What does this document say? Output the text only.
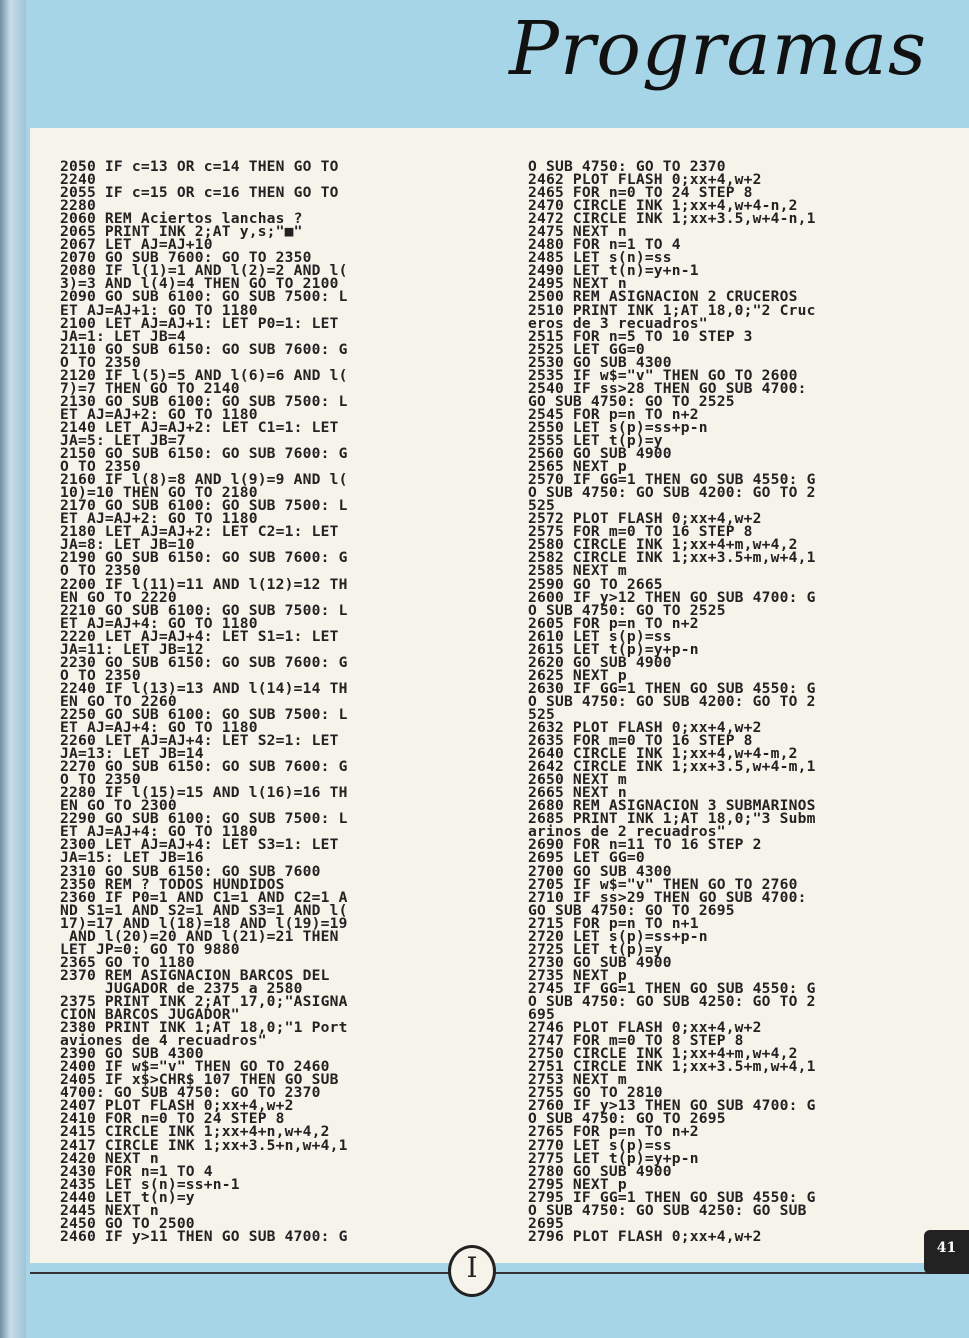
Programas
2050 IF c=13 OR c=14 THEN GO TO
2240
2055 IF c=15 OR c=16 THEN GO TO
2280
2060 REM Aciertos lanchas ?
2065 PRINT INK 2;AT y,s;"■"
2067 LET AJ=AJ+10
2070 GO SUB 7600: GO TO 2350
2080 IF l(1)=1 AND l(2)=2 AND l(
3)=3 AND l(4)=4 THEN GO TO 2100
2090 GO SUB 6100: GO SUB 7500: L
ET AJ=AJ+1: GO TO 1180
2100 LET AJ=AJ+1: LET P0=1: LET
JA=1: LET JB=4
2110 GO SUB 6150: GO SUB 7600: G
O TO 2350
2120 IF l(5)=5 AND l(6)=6 AND l(
7)=7 THEN GO TO 2140
2130 GO SUB 6100: GO SUB 7500: L
ET AJ=AJ+2: GO TO 1180
2140 LET AJ=AJ+2: LET C1=1: LET
JA=5: LET JB=7
2150 GO SUB 6150: GO SUB 7600: G
O TO 2350
2160 IF l(8)=8 AND l(9)=9 AND l(
10)=10 THEN GO TO 2180
2170 GO SUB 6100: GO SUB 7500: L
ET AJ=AJ+2: GO TO 1180
2180 LET AJ=AJ+2: LET C2=1: LET
JA=8: LET JB=10
2190 GO SUB 6150: GO SUB 7600: G
O TO 2350
2200 IF l(11)=11 AND l(12)=12 TH
EN GO TO 2220
2210 GO SUB 6100: GO SUB 7500: L
ET AJ=AJ+4: GO TO 1180
2220 LET AJ=AJ+4: LET S1=1: LET
JA=11: LET JB=12
2230 GO SUB 6150: GO SUB 7600: G
O TO 2350
2240 IF l(13)=13 AND l(14)=14 TH
EN GO TO 2260
2250 GO SUB 6100: GO SUB 7500: L
ET AJ=AJ+4: GO TO 1180
2260 LET AJ=AJ+4: LET S2=1: LET
JA=13: LET JB=14
2270 GO SUB 6150: GO SUB 7600: G
O TO 2350
2280 IF l(15)=15 AND l(16)=16 TH
EN GO TO 2300
2290 GO SUB 6100: GO SUB 7500: L
ET AJ=AJ+4: GO TO 1180
2300 LET AJ=AJ+4: LET S3=1: LET
JA=15: LET JB=16
2310 GO SUB 6150: GO SUB 7600
2350 REM ? TODOS HUNDIDOS
2360 IF P0=1 AND C1=1 AND C2=1 A
ND S1=1 AND S2=1 AND S3=1 AND l(
17)=17 AND l(18)=18 AND l(19)=19
AND l(20)=20 AND l(21)=21 THEN
LET JP=0: GO TO 9880
2365 GO TO 1180
2370 REM ASIGNACION BARCOS DEL
JUGADOR de 2375 a 2580
2375 PRINT INK 2;AT 17,0;"ASIGNA
CION BARCOS JUGADOR"
2380 PRINT INK 1;AT 18,0;"1 Port
aviones de 4 recuadros"
2390 GO SUB 4300
2400 IF w$="v" THEN GO TO 2460
2405 IF x$>CHR$ 107 THEN GO SUB
4700: GO SUB 4750: GO TO 2370
2407 PLOT FLASH 0;xx+4,w+2
2410 FOR n=0 TO 24 STEP 8
2415 CIRCLE INK 1;xx+4+n,w+4,2
2417 CIRCLE INK 1;xx+3.5+n,w+4,1
2420 NEXT n
2430 FOR n=1 TO 4
2435 LET s(n)=ss+n-1
2440 LET t(n)=y
2445 NEXT n
2450 GO TO 2500
2460 IF y>11 THEN GO SUB 4700: G
O SUB 4750: GO TO 2370
2462 PLOT FLASH 0;xx+4,w+2
2465 FOR n=0 TO 24 STEP 8
2470 CIRCLE INK 1;xx+4,w+4-n,2
2472 CIRCLE INK 1;xx+3.5,w+4-n,1
2475 NEXT n
2480 FOR n=1 TO 4
2485 LET s(n)=ss
2490 LET t(n)=y+n-1
2495 NEXT n
2500 REM ASIGNACION 2 CRUCEROS
2510 PRINT INK 1;AT 18,0;"2 Cruc
eros de 3 recuadros"
2515 FOR n=5 TO 10 STEP 3
2525 LET GG=0
2530 GO SUB 4300
2535 IF w$="v" THEN GO TO 2600
2540 IF ss>28 THEN GO SUB 4700:
GO SUB 4750: GO TO 2525
2545 FOR p=n TO n+2
2550 LET s(p)=ss+p-n
2555 LET t(p)=y
2560 GO SUB 4900
2565 NEXT p
2570 IF GG=1 THEN GO SUB 4550: G
O SUB 4750: GO SUB 4200: GO TO 2
525
2572 PLOT FLASH 0;xx+4,w+2
2575 FOR m=0 TO 16 STEP 8
2580 CIRCLE INK 1;xx+4+m,w+4,2
2582 CIRCLE INK 1;xx+3.5+m,w+4,1
2585 NEXT m
2590 GO TO 2665
2600 IF y>12 THEN GO SUB 4700: G
O SUB 4750: GO TO 2525
2605 FOR p=n TO n+2
2610 LET s(p)=ss
2615 LET t(p)=y+p-n
2620 GO SUB 4900
2625 NEXT p
2630 IF GG=1 THEN GO SUB 4550: G
O SUB 4750: GO SUB 4200: GO TO 2
525
2632 PLOT FLASH 0;xx+4,w+2
2635 FOR m=0 TO 16 STEP 8
2640 CIRCLE INK 1;xx+4,w+4-m,2
2642 CIRCLE INK 1;xx+3.5,w+4-m,1
2650 NEXT m
2665 NEXT n
2680 REM ASIGNACION 3 SUBMARINOS
2685 PRINT INK 1;AT 18,0;"3 Subm
arinos de 2 recuadros"
2690 FOR n=11 TO 16 STEP 2
2695 LET GG=0
2700 GO SUB 4300
2705 IF w$="v" THEN GO TO 2760
2710 IF ss>29 THEN GO SUB 4700:
GO SUB 4750: GO TO 2695
2715 FOR p=n TO n+1
2720 LET s(p)=ss+p-n
2725 LET t(p)=y
2730 GO SUB 4900
2735 NEXT p
2745 IF GG=1 THEN GO SUB 4550: G
O SUB 4750: GO SUB 4250: GO TO 2
695
2746 PLOT FLASH 0;xx+4,w+2
2747 FOR m=0 TO 8 STEP 8
2750 CIRCLE INK 1;xx+4+m,w+4,2
2751 CIRCLE INK 1;xx+3.5+m,w+4,1
2753 NEXT m
2755 GO TO 2810
2760 IF y>13 THEN GO SUB 4700: G
O SUB 4750: GO TO 2695
2765 FOR p=n TO n+2
2770 LET s(p)=ss
2775 LET t(p)=y+p-n
2780 GO SUB 4900
2795 NEXT p
2795 IF GG=1 THEN GO SUB 4550: G
O SUB 4750: GO SUB 4250: GO SUB
2695
2796 PLOT FLASH 0;xx+4,w+2
I
41
